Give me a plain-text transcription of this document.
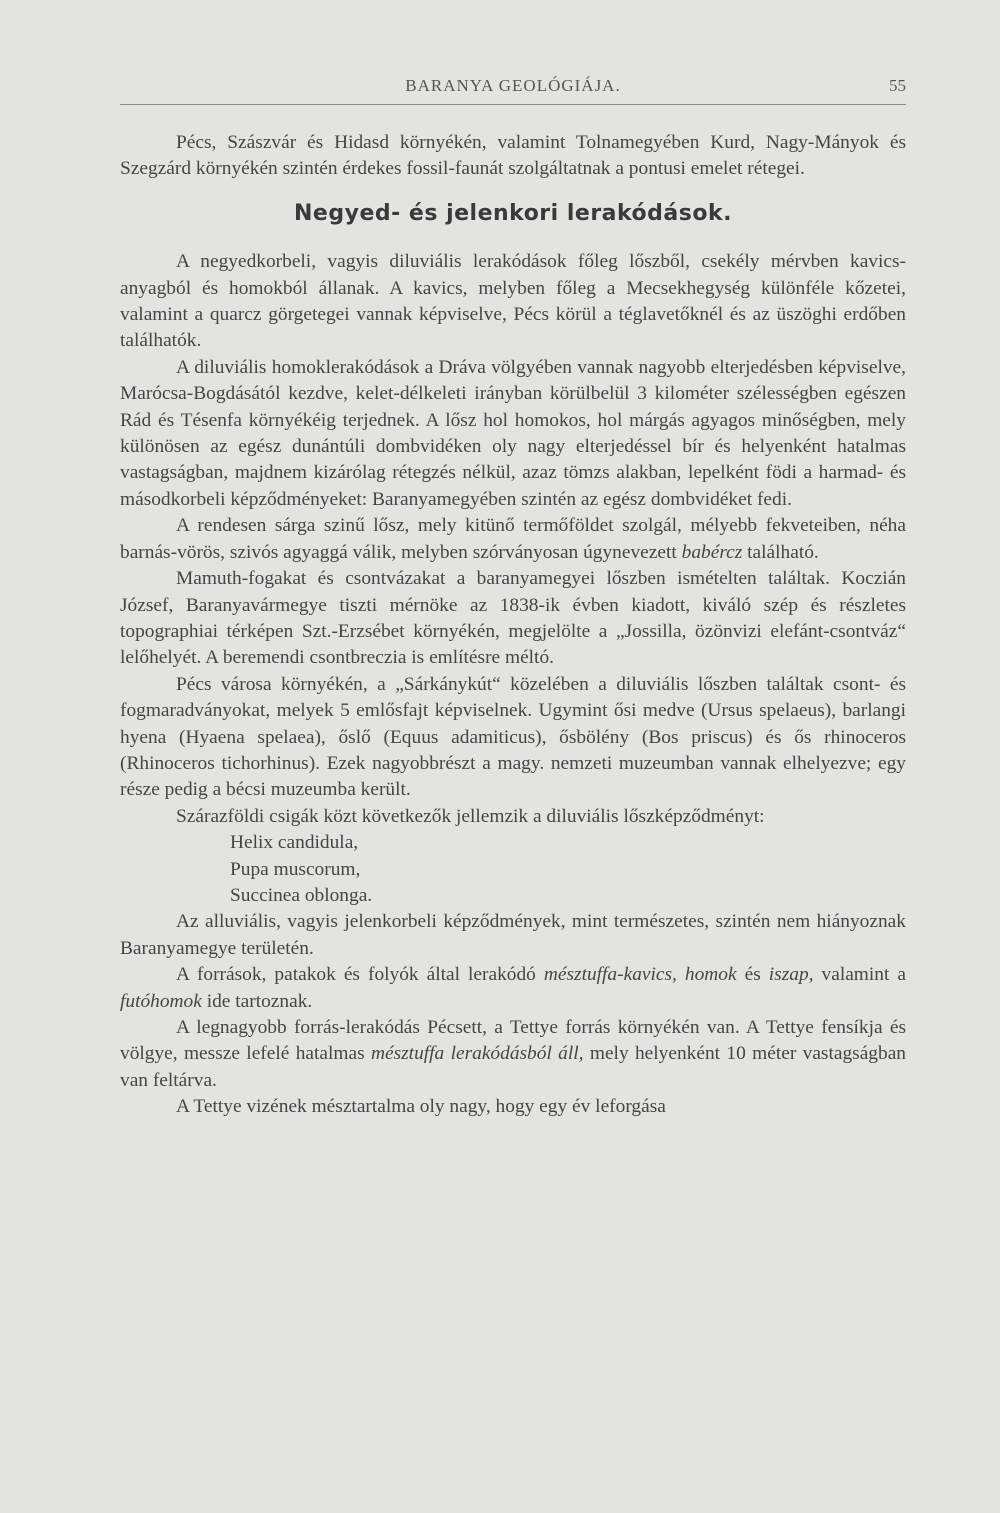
BARANYA GEOLÓGIÁJA.	55

Pécs, Szászvár és Hidasd környékén, valamint Tolnamegyében Kurd, Nagy-Mányok és Szegzárd környékén szintén érdekes fossil-faunát szolgáltatnak a pontusi emelet rétegei.

Negyed- és jelenkori lerakódások.

A negyedkorbeli, vagyis diluviális lerakódások főleg lőszből, csekély mérvben kavics-anyagból és homokból állanak. A kavics, melyben főleg a Mecsekhegység különféle kőzetei, valamint a quarcz görgetegei vannak képviselve, Pécs körül a téglavetőknél és az üszöghi erdőben találhatók.

A diluviális homoklerakódások a Dráva völgyében vannak nagyobb elterjedésben képviselve, Marócsa-Bogdásától kezdve, kelet-délkeleti irányban körülbelül 3 kilométer szélességben egészen Rád és Tésenfa környékéig terjednek. A lősz hol homokos, hol márgás agyagos minőségben, mely különösen az egész dunántúli dombvidéken oly nagy elterjedéssel bír és helyenként hatalmas vastagságban, majdnem kizárólag rétegzés nélkül, azaz tömzs alakban, lepelként födi a harmad- és másodkorbeli képződményeket: Baranyamegyében szintén az egész dombvidéket fedi.

A rendesen sárga szinű lősz, mely kitünő termőföldet szolgál, mélyebb fekveteiben, néha barnás-vörös, szivós agyaggá válik, melyben szórványosan úgynevezett babércz található.

Mamuth-fogakat és csontvázakat a baranyamegyei lőszben ismételten találtak. Koczián József, Baranyavármegye tiszti mérnöke az 1838-ik évben kiadott, kiváló szép és részletes topographiai térképen Szt.-Erzsébet környékén, megjelölte a „Jossilla, özönvizi elefánt-csontváz“ lelőhelyét. A beremendi csontbreczia is említésre méltó.

Pécs városa környékén, a „Sárkánykút“ közelében a diluviális lőszben találtak csont- és fogmaradványokat, melyek 5 emlősfajt képviselnek. Ugymint ősi medve (Ursus spelaeus), barlangi hyena (Hyaena spelaea), őslő (Equus adamiticus), ősbölény (Bos priscus) és ős rhinoceros (Rhinoceros tichorhinus). Ezek nagyobbrészt a magy. nemzeti muzeumban vannak elhelyezve; egy része pedig a bécsi muzeumba került.

Szárazföldi csigák közt következők jellemzik a diluviális lőszképződményt:

Helix candidula,
Pupa muscorum,
Succinea oblonga.

Az alluviális, vagyis jelenkorbeli képződmények, mint természetes, szintén nem hiányoznak Baranyamegye területén.

A források, patakok és folyók által lerakódó mésztuffa-kavics, homok és iszap, valamint a futóhomok ide tartoznak.

A legnagyobb forrás-lerakódás Pécsett, a Tettye forrás környékén van. A Tettye fensíkja és völgye, messze lefelé hatalmas mésztuffa lerakódásból áll, mely helyenként 10 méter vastagságban van feltárva.

A Tettye vizének mésztartalma oly nagy, hogy egy év leforgása
